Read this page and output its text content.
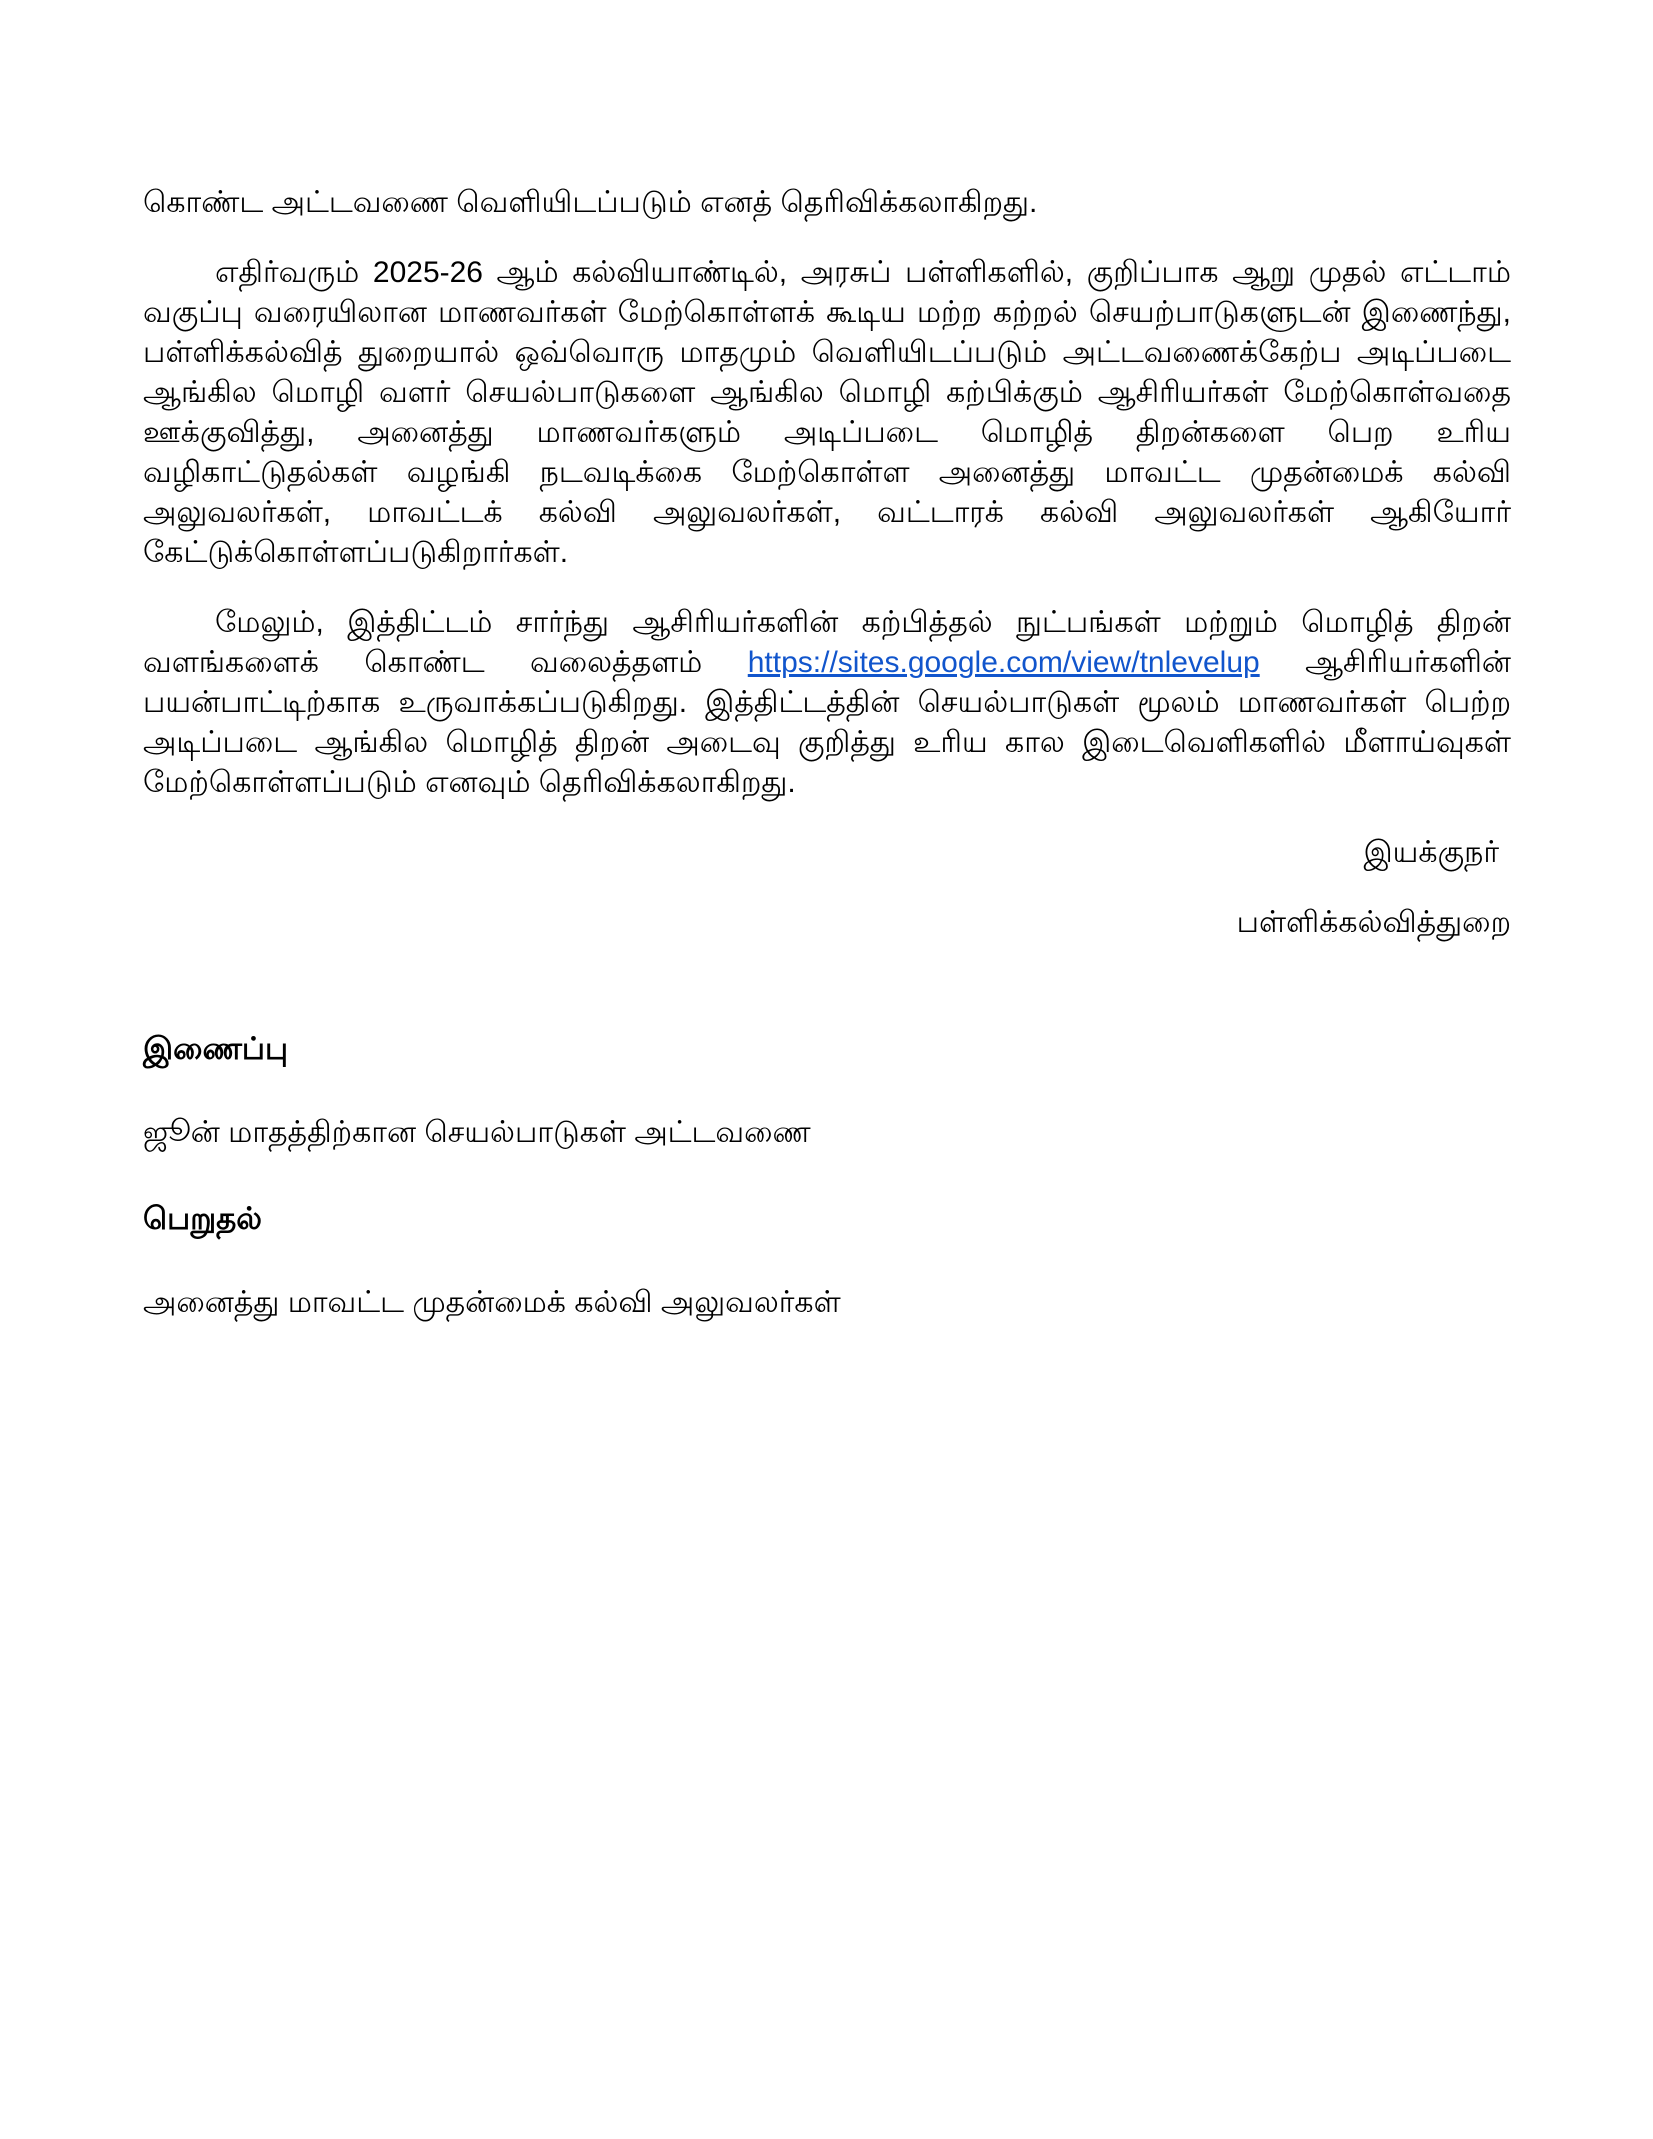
கொண்ட அட்டவணை வெளியிடப்படும் எனத் தெரிவிக்கலாகிறது.

எதிர்வரும் 2025-26 ஆம் கல்வியாண்டில், அரசுப் பள்ளிகளில், குறிப்பாக ஆறு முதல் எட்டாம் வகுப்பு வரையிலான மாணவர்கள் மேற்கொள்ளக் கூடிய மற்ற கற்றல் செயற்பாடுகளுடன் இணைந்து, பள்ளிக்கல்வித் துறையால் ஒவ்வொரு மாதமும் வெளியிடப்படும் அட்டவணைக்கேற்ப அடிப்படை ஆங்கில மொழி வளர் செயல்பாடுகளை ஆங்கில மொழி கற்பிக்கும் ஆசிரியர்கள் மேற்கொள்வதை ஊக்குவித்து, அனைத்து மாணவர்களும் அடிப்படை மொழித் திறன்களை பெற உரிய வழிகாட்டுதல்கள் வழங்கி நடவடிக்கை மேற்கொள்ள அனைத்து மாவட்ட முதன்மைக் கல்வி அலுவலர்கள், மாவட்டக் கல்வி அலுவலர்கள், வட்டாரக் கல்வி அலுவலர்கள் ஆகியோர் கேட்டுக்கொள்ளப்படுகிறார்கள்.

மேலும், இத்திட்டம் சார்ந்து ஆசிரியர்களின் கற்பித்தல் நுட்பங்கள் மற்றும் மொழித் திறன் வளங்களைக் கொண்ட வலைத்தளம் https://sites.google.com/view/tnlevelup ஆசிரியர்களின் பயன்பாட்டிற்காக உருவாக்கப்படுகிறது. இத்திட்டத்தின் செயல்பாடுகள் மூலம் மாணவர்கள் பெற்ற அடிப்படை ஆங்கில மொழித் திறன் அடைவு குறித்து உரிய கால இடைவெளிகளில் மீளாய்வுகள் மேற்கொள்ளப்படும் எனவும் தெரிவிக்கலாகிறது.

இயக்குநர்
பள்ளிக்கல்வித்துறை
இணைப்பு
ஜூன் மாதத்திற்கான செயல்பாடுகள் அட்டவணை
பெறுதல்
அனைத்து மாவட்ட முதன்மைக் கல்வி அலுவலர்கள்
